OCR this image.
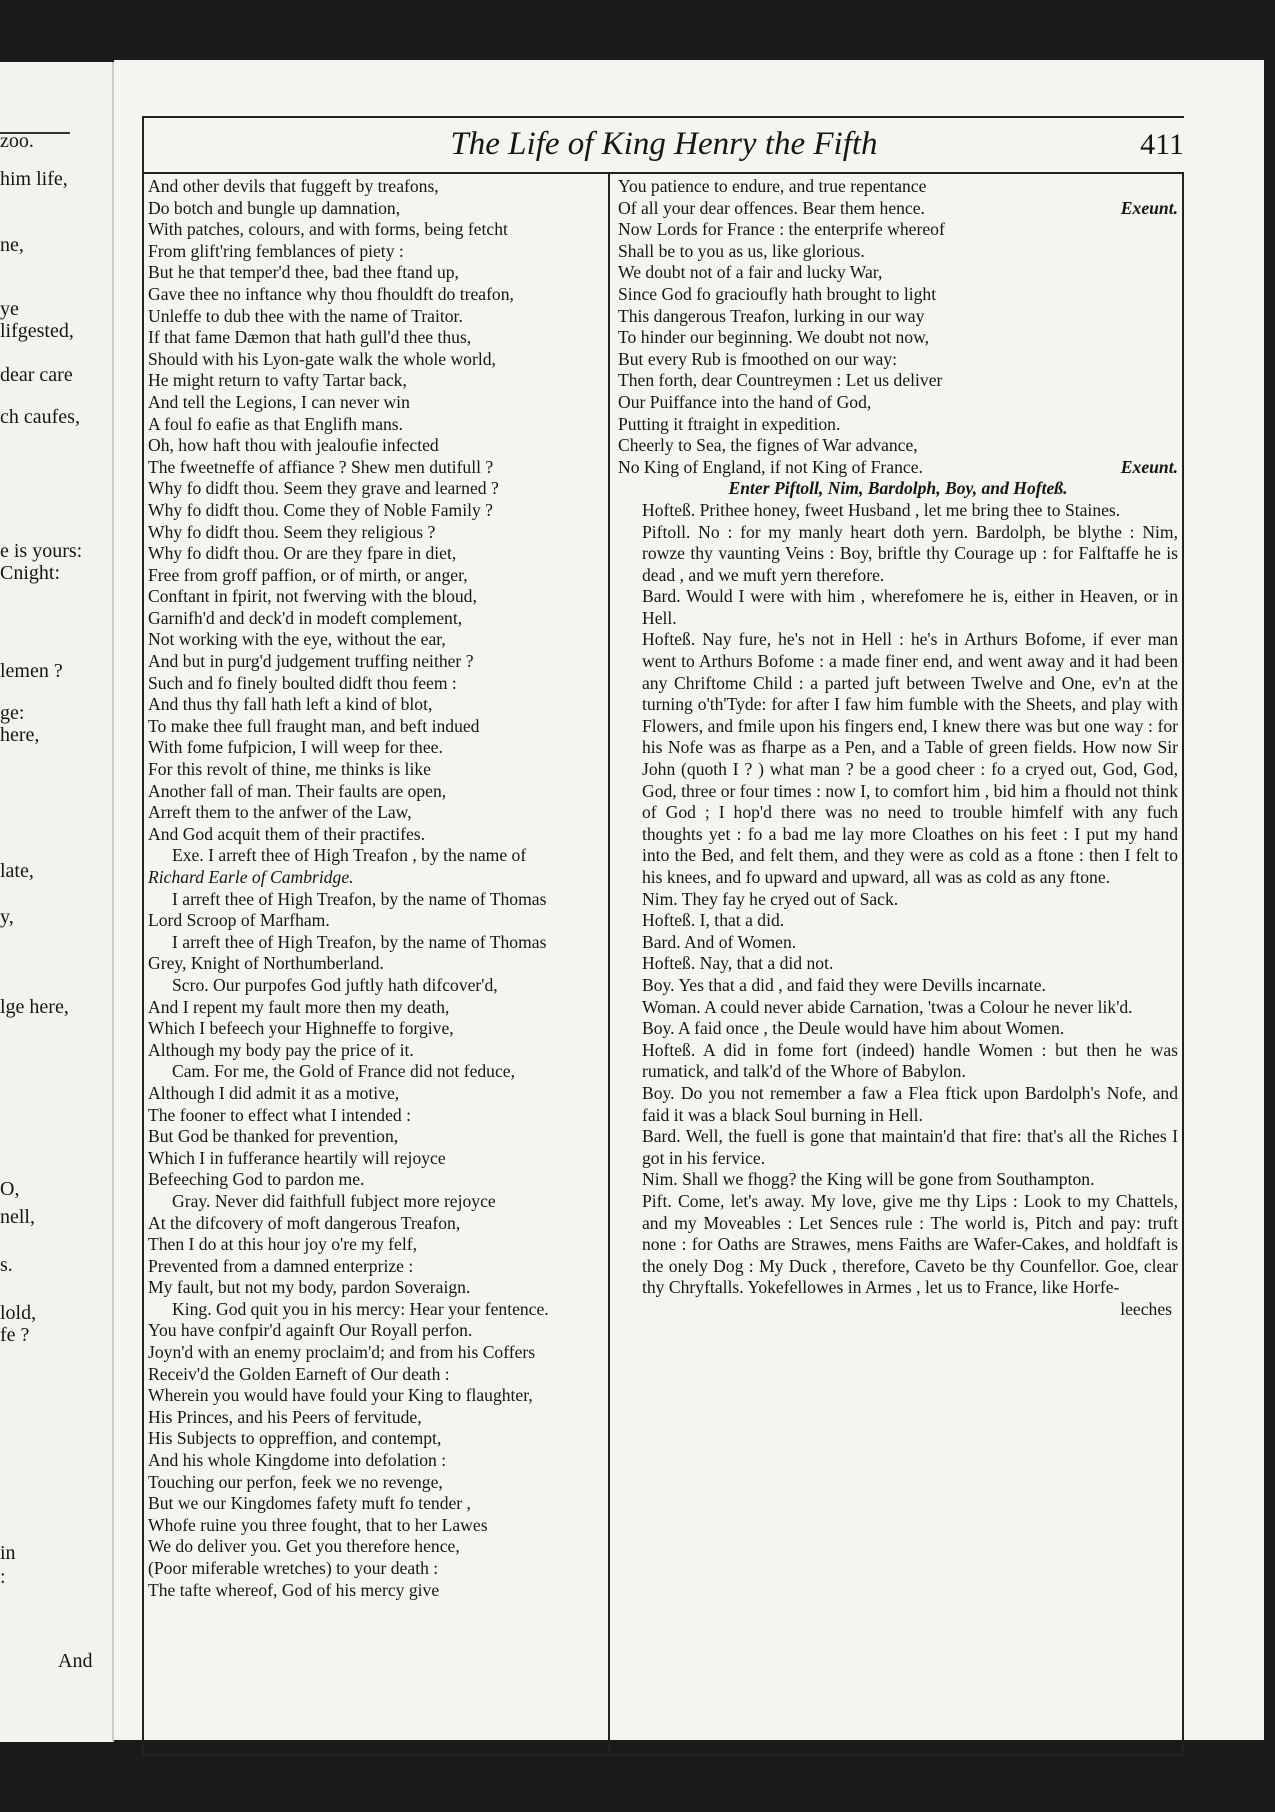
zoo.
him life,
ne,
ye
lifgested,
dear care
ch caufes,
e is yours:
Cnight:
lemen ?
ge:
here,
late,
y,
lge here,
O,
nell,
s.
lold,
fe ?
in
:
And
The Life of King Henry the Fifth	411
And other devils that fuggeft by treafons,
Do botch and bungle up damnation,
With patches, colours, and with forms, being fetcht
From glift'ring femblances of piety :
But he that temper'd thee, bad thee ftand up,
Gave thee no inftance why thou fhouldft do treafon,
Unleffe to dub thee with the name of Traitor.
If that fame Dæmon that hath gull'd thee thus,
Should with his Lyon-gate walk the whole world,
He might return to vafty Tartar back,
And tell the Legions, I can never win
A foul fo eafie as that Englifh mans.
Oh, how haft thou with jealoufie infected
The fweetneffe of affiance ? Shew men dutifull ?
Why fo didft thou. Seem they grave and learned ?
Why fo didft thou. Come they of Noble Family ?
Why fo didft thou. Seem they religious ?
Why fo didft thou. Or are they fpare in diet,
Free from groff paffion, or of mirth, or anger,
Conftant in fpirit, not fwerving with the bloud,
Garnifh'd and deck'd in modeft complement,
Not working with the eye, without the ear,
And but in purg'd judgement truffing neither ?
Such and fo finely boulted didft thou feem :
And thus thy fall hath left a kind of blot,
To make thee full fraught man, and beft indued
With fome fufpicion, I will weep for thee.
For this revolt of thine, me thinks is like
Another fall of man. Their faults are open,
Arreft them to the anfwer of the Law,
And God acquit them of their practifes.
Exe. I arreft thee of High Treafon , by the name of
Richard Earle of Cambridge.
I arreft thee of High Treafon, by the name of Thomas
Lord Scroop of Marfham.
I arreft thee of High Treafon, by the name of Thomas
Grey, Knight of Northumberland.
Scro. Our purpofes God juftly hath difcover'd,
And I repent my fault more then my death,
Which I befeech your Highneffe to forgive,
Although my body pay the price of it.
Cam. For me, the Gold of France did not feduce,
Although I did admit it as a motive,
The fooner to effect what I intended :
But God be thanked for prevention,
Which I in fufferance heartily will rejoyce
Befeeching God to pardon me.
Gray. Never did faithfull fubject more rejoyce
At the difcovery of moft dangerous Treafon,
Then I do at this hour joy o're my felf,
Prevented from a damned enterprize :
My fault, but not my body, pardon Soveraign.
King. God quit you in his mercy: Hear your fentence.
You have confpir'd againft Our Royall perfon.
Joyn'd with an enemy proclaim'd; and from his Coffers
Receiv'd the Golden Earneft of Our death :
Wherein you would have fould your King to flaughter,
His Princes, and his Peers of fervitude,
His Subjects to oppreffion, and contempt,
And his whole Kingdome into defolation :
Touching our perfon, feek we no revenge,
But we our Kingdomes fafety muft fo tender ,
Whofe ruine you three fought, that to her Lawes
We do deliver you. Get you therefore hence,
(Poor miferable wretches) to your death :
The tafte whereof, God of his mercy give
You patience to endure, and true repentance
Of all your dear offences. Bear them hence.	Exeunt.
Now Lords for France : the enterprife whereof
Shall be to you as us, like glorious.
We doubt not of a fair and lucky War,
Since God fo gracioufly hath brought to light
This dangerous Treafon, lurking in our way
To hinder our beginning. We doubt not now,
But every Rub is fmoothed on our way:
Then forth, dear Countreymen : Let us deliver
Our Puiffance into the hand of God,
Putting it ftraight in expedition.
Cheerly to Sea, the fignes of War advance,
No King of England, if not King of France.	Exeunt.
Enter Piftoll, Nim, Bardolph, Boy, and Hofteß.
Hofteß. Prithee honey, fweet Husband , let me bring thee to Staines.
Piftoll. No : for my manly heart doth yern. Bardolph, be blythe : Nim, rowze thy vaunting Veins : Boy, briftle thy Courage up : for Falftaffe he is dead , and we muft yern therefore.
Bard. Would I were with him , wherefomere he is, either in Heaven, or in Hell.
Hofteß. Nay fure, he's not in Hell : he's in Arthurs Bofome, if ever man went to Arthurs Bofome : a made finer end, and went away and it had been any Chriftome Child : a parted juft between Twelve and One, ev'n at the turning o'th'Tyde: for after I faw him fumble with the Sheets, and play with Flowers, and fmile upon his fingers end, I knew there was but one way : for his Nofe was as fharpe as a Pen, and a Table of green fields. How now Sir John (quoth I ? ) what man ? be a good cheer : fo a cryed out, God, God, God, three or four times : now I, to comfort him , bid him a fhould not think of God ; I hop'd there was no need to trouble himfelf with any fuch thoughts yet : fo a bad me lay more Cloathes on his feet : I put my hand into the Bed, and felt them, and they were as cold as a ftone : then I felt to his knees, and fo upward and upward, all was as cold as any ftone.
Nim. They fay he cryed out of Sack.
Hofteß. I, that a did.
Bard. And of Women.
Hofteß. Nay, that a did not.
Boy. Yes that a did , and faid they were Devills incarnate.
Woman. A could never abide Carnation, 'twas a Colour he never lik'd.
Boy. A faid once , the Deule would have him about Women.
Hofteß. A did in fome fort (indeed) handle Women : but then he was rumatick, and talk'd of the Whore of Babylon.
Boy. Do you not remember a faw a Flea ftick upon Bardolph's Nofe, and faid it was a black Soul burning in Hell.
Bard. Well, the fuell is gone that maintain'd that fire: that's all the Riches I got in his fervice.
Nim. Shall we fhogg? the King will be gone from Southampton.
Pift. Come, let's away. My love, give me thy Lips : Look to my Chattels, and my Moveables : Let Sences rule : The world is, Pitch and pay: truft none : for Oaths are Strawes, mens Faiths are Wafer-Cakes, and holdfaft is the onely Dog : My Duck , therefore, Caveto be thy Counfellor. Goe, clear thy Chryftalls. Yokefellowes in Armes , let us to France, like Horfe-
leeches
